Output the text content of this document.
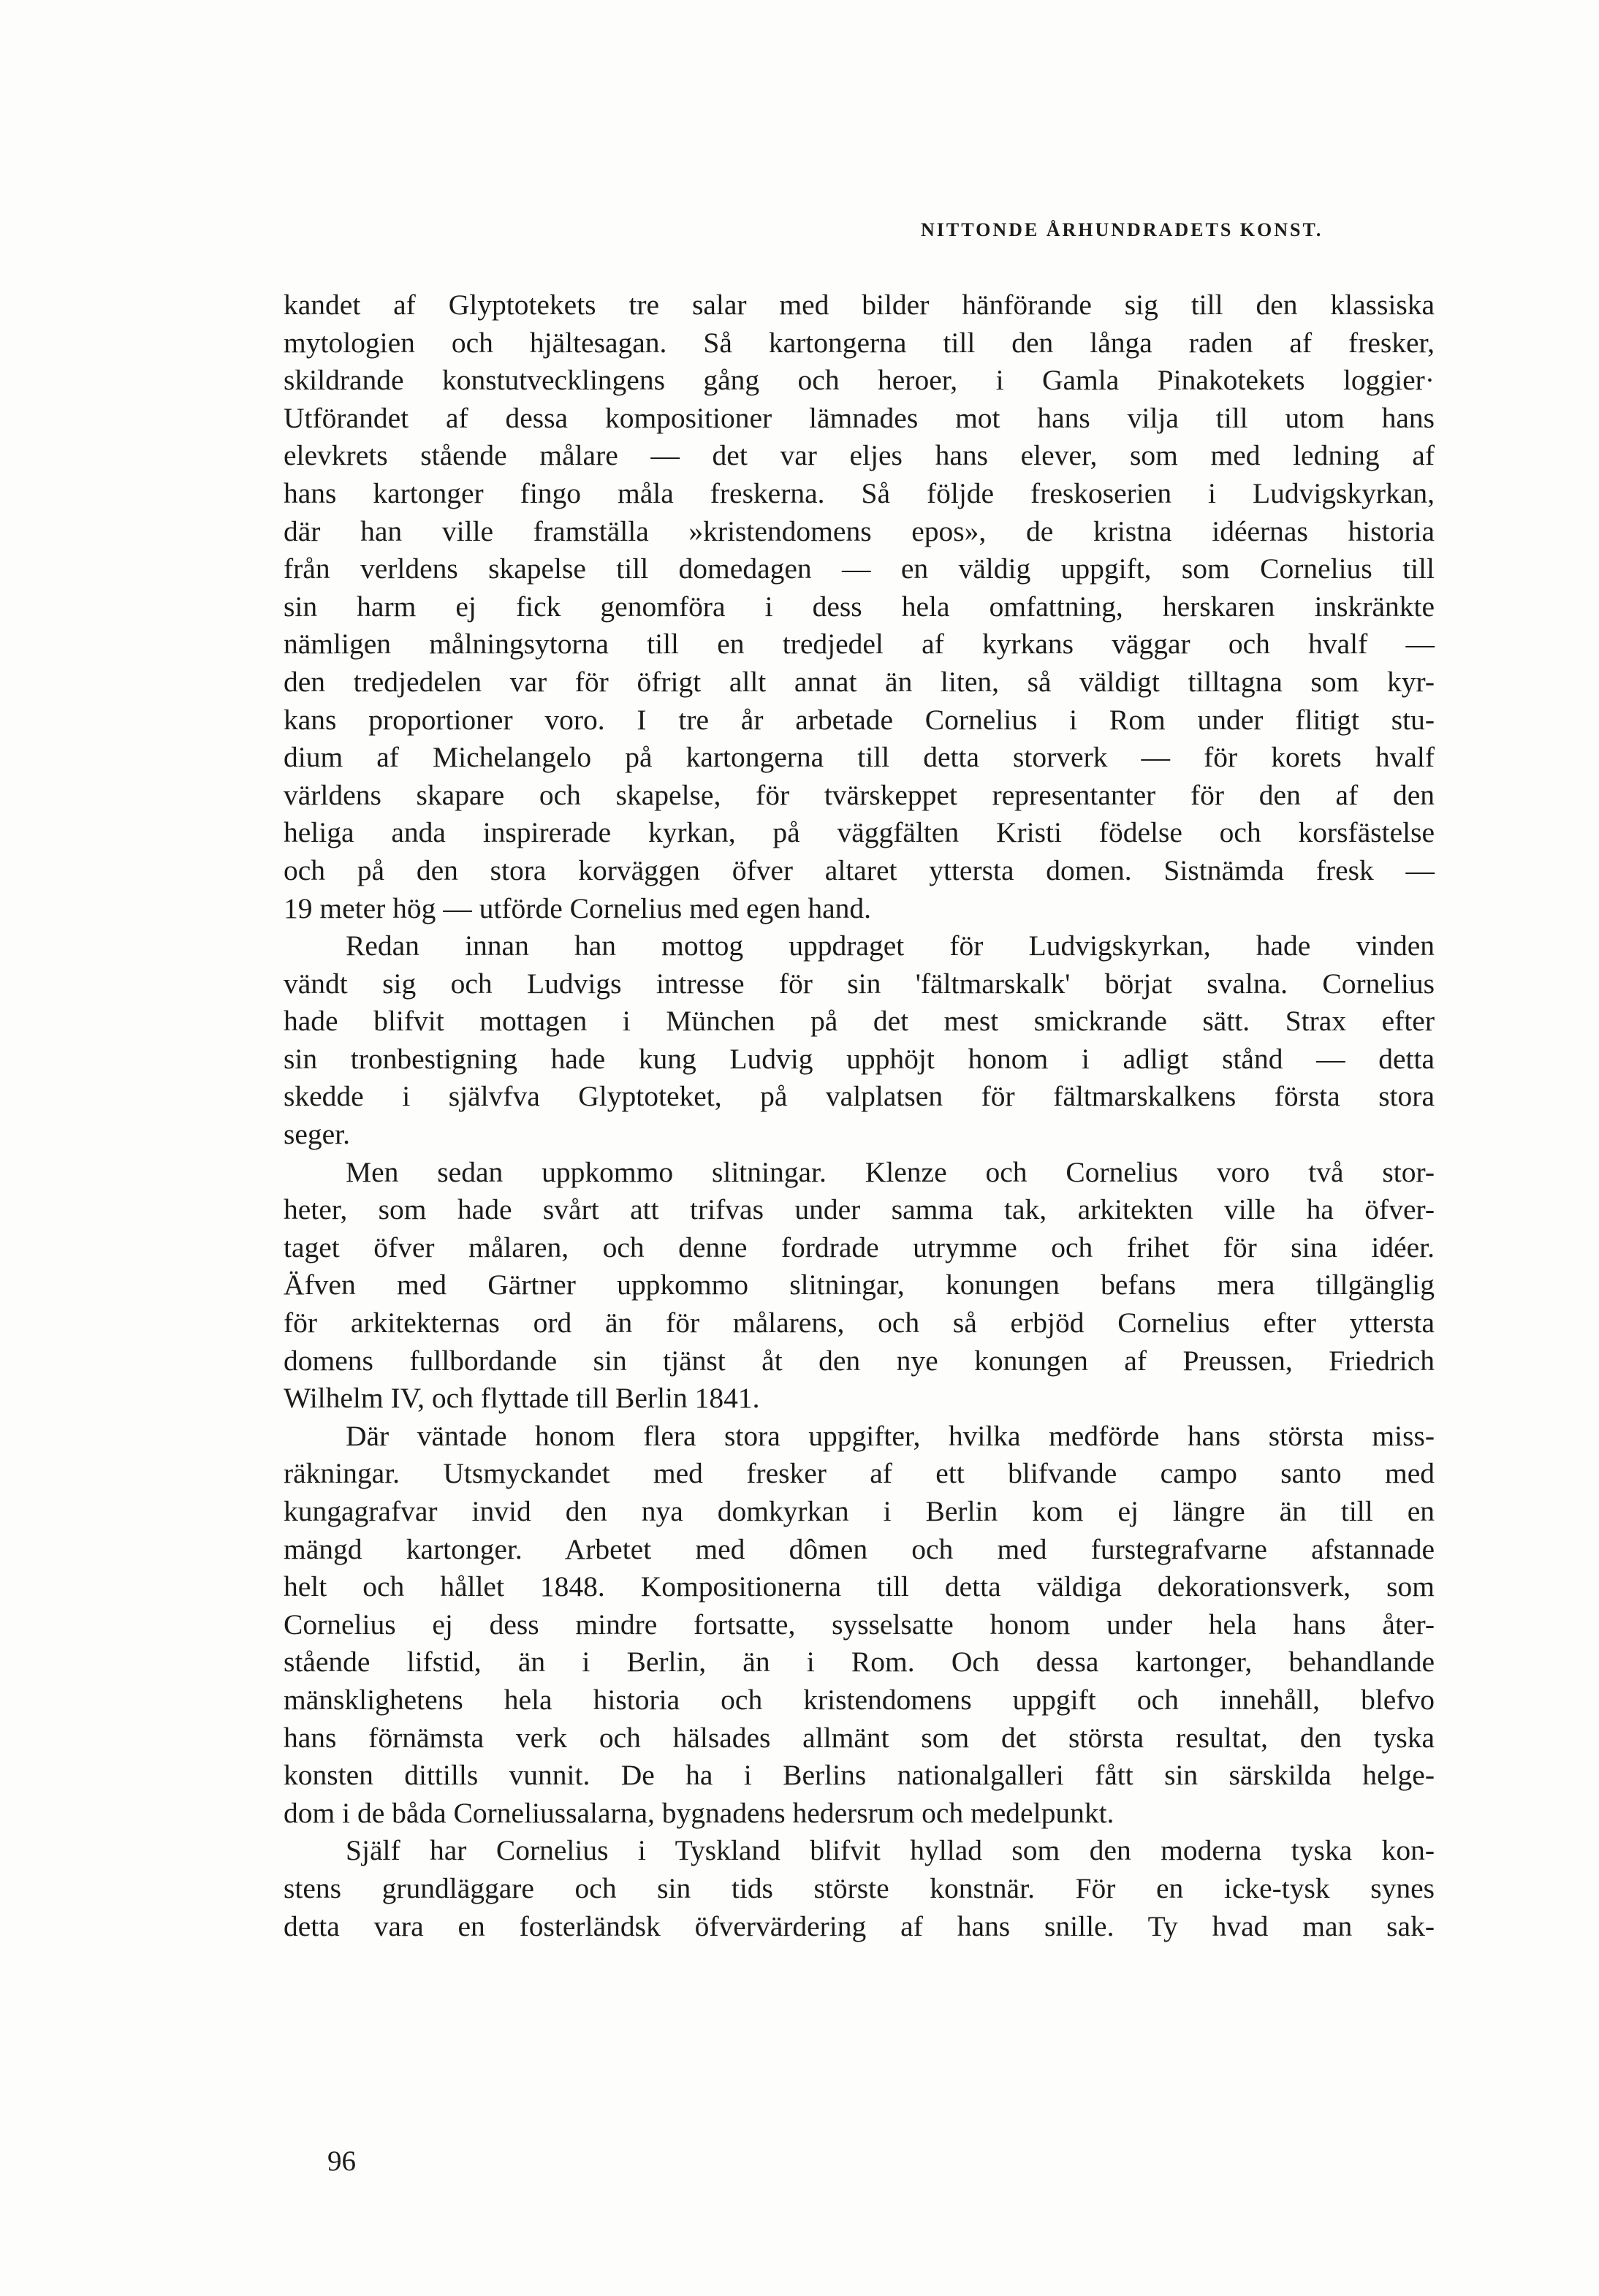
NITTONDE ÅRHUNDRADETS KONST.
kandet af Glyptotekets tre salar med bilder hänförande sig till den klassiska
mytologien och hjältesagan. Så kartongerna till den långa raden af fresker,
skildrande konstutvecklingens gång och heroer, i Gamla Pinakotekets loggier·
Utförandet af dessa kompositioner lämnades mot hans vilja till utom hans
elevkrets stående målare — det var eljes hans elever, som med ledning af
hans kartonger fingo måla freskerna. Så följde freskoserien i Ludvigskyrkan,
där han ville framställa »kristendomens epos», de kristna idéernas historia
från verldens skapelse till domedagen — en väldig uppgift, som Cornelius till
sin harm ej fick genomföra i dess hela omfattning, herskaren inskränkte
nämligen målningsytorna till en tredjedel af kyrkans väggar och hvalf —
den tredjedelen var för öfrigt allt annat än liten, så väldigt tilltagna som kyr-
kans proportioner voro. I tre år arbetade Cornelius i Rom under flitigt stu-
dium af Michelangelo på kartongerna till detta storverk — för korets hvalf
världens skapare och skapelse, för tvärskeppet representanter för den af den
heliga anda inspirerade kyrkan, på väggfälten Kristi födelse och korsfästelse
och på den stora korväggen öfver altaret yttersta domen. Sistnämda fresk —
19 meter hög — utförde Cornelius med egen hand.
Redan innan han mottog uppdraget för Ludvigskyrkan, hade vinden
vändt sig och Ludvigs intresse för sin 'fältmarskalk' börjat svalna. Cornelius
hade blifvit mottagen i München på det mest smickrande sätt. Strax efter
sin tronbestigning hade kung Ludvig upphöjt honom i adligt stånd — detta
skedde i självfva Glyptoteket, på valplatsen för fältmarskalkens första stora
seger.
Men sedan uppkommo slitningar. Klenze och Cornelius voro två stor-
heter, som hade svårt att trifvas under samma tak, arkitekten ville ha öfver-
taget öfver målaren, och denne fordrade utrymme och frihet för sina idéer.
Äfven med Gärtner uppkommo slitningar, konungen befans mera tillgänglig
för arkitekternas ord än för målarens, och så erbjöd Cornelius efter yttersta
domens fullbordande sin tjänst åt den nye konungen af Preussen, Friedrich
Wilhelm IV, och flyttade till Berlin 1841.
Där väntade honom flera stora uppgifter, hvilka medförde hans största miss-
räkningar. Utsmyckandet med fresker af ett blifvande campo santo med
kungagrafvar invid den nya domkyrkan i Berlin kom ej längre än till en
mängd kartonger. Arbetet med dômen och med furstegrafvarne afstannade
helt och hållet 1848. Kompositionerna till detta väldiga dekorationsverk, som
Cornelius ej dess mindre fortsatte, sysselsatte honom under hela hans åter-
stående lifstid, än i Berlin, än i Rom. Och dessa kartonger, behandlande
mänsklighetens hela historia och kristendomens uppgift och innehåll, blefvo
hans förnämsta verk och hälsades allmänt som det största resultat, den tyska
konsten dittills vunnit. De ha i Berlins nationalgalleri fått sin särskilda helge-
dom i de båda Corneliussalarna, bygnadens hedersrum och medelpunkt.
Själf har Cornelius i Tyskland blifvit hyllad som den moderna tyska kon-
stens grundläggare och sin tids störste konstnär. För en icke-tysk synes
detta vara en fosterländsk öfvervärdering af hans snille. Ty hvad man sak-
96
